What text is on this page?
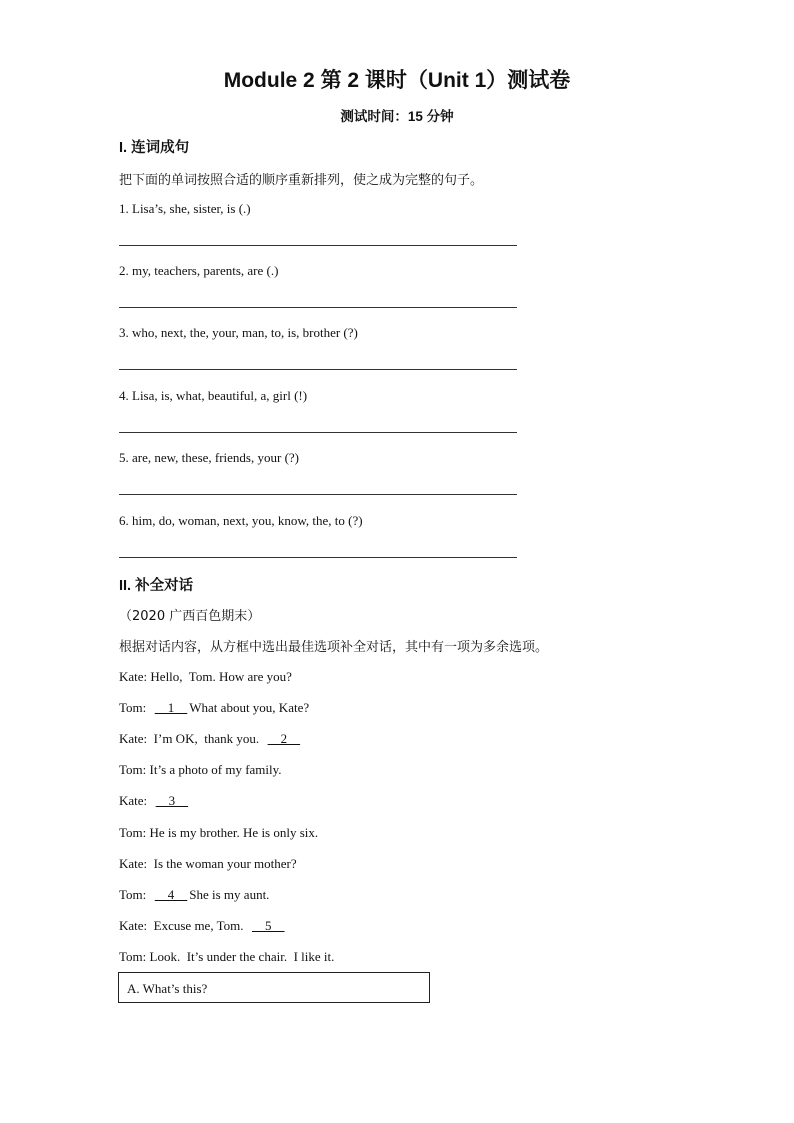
Module 2 第 2 课时（Unit 1）测试卷
测试时间：15 分钟
I. 连词成句
把下面的单词按照合适的顺序重新排列，使之成为完整的句子。
1. Lisa’s, she, sister, is (.)
2. my, teachers, parents, are (.)
3. who, next, the, your, man, to, is, brother (?)
4. Lisa, is, what, beautiful, a, girl (!)
5. are, new, these, friends, your (?)
6. him, do, woman, next, you, know, the, to (?)
II. 补全对话
（2020 广西百色期末）
根据对话内容，从方框中选出最佳选项补全对话，其中有一项为多余选项。
Kate: Hello,  Tom. How are you?
Tom:      1    What about you, Kate?
Kate:  I’m OK,  thank you.      2
Tom: It’s a photo of my family.
Kate:      3
Tom: He is my brother. He is only six.
Kate:  Is the woman your mother?
Tom:      4    She is my aunt.
Kate:  Excuse me, Tom.      5
Tom: Look.  It’s under the chair.  I like it.
A. What’s this?
